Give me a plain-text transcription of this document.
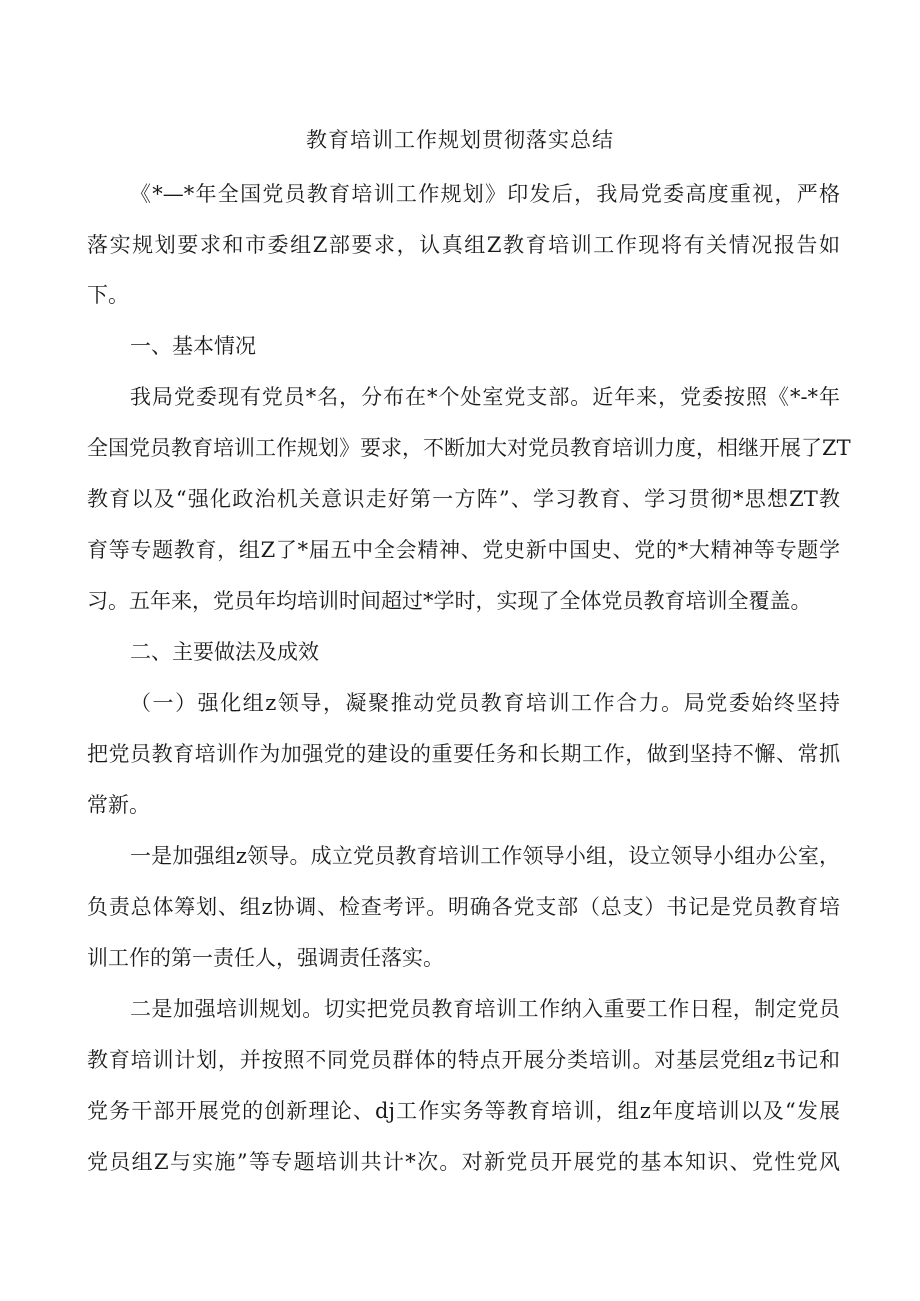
教育培训工作规划贯彻落实总结
《*—*年全国党员教育培训工作规划》印发后，我局党委高度重视，严格
落实规划要求和市委组Z部要求，认真组Z教育培训工作现将有关情况报告如
下。
一、基本情况
我局党委现有党员*名，分布在*个处室党支部。近年来，党委按照《*-*年
全国党员教育培训工作规划》要求，不断加大对党员教育培训力度，相继开展了ZT
教育以及“强化政治机关意识走好第一方阵”、学习教育、学习贯彻*思想ZT教
育等专题教育，组Z了*届五中全会精神、党史新中国史、党的*大精神等专题学
习。五年来，党员年均培训时间超过*学时，实现了全体党员教育培训全覆盖。
二、主要做法及成效
（一）强化组z领导，凝聚推动党员教育培训工作合力。局党委始终坚持
把党员教育培训作为加强党的建设的重要任务和长期工作，做到坚持不懈、常抓
常新。
一是加强组z领导。成立党员教育培训工作领导小组，设立领导小组办公室，
负责总体筹划、组z协调、检查考评。明确各党支部（总支）书记是党员教育培
训工作的第一责任人，强调责任落实。
二是加强培训规划。切实把党员教育培训工作纳入重要工作日程，制定党员
教育培训计划，并按照不同党员群体的特点开展分类培训。对基层党组z书记和
党务干部开展党的创新理论、dj工作实务等教育培训，组z年度培训以及“发展
党员组Z与实施”等专题培训共计*次。对新党员开展党的基本知识、党性党风
